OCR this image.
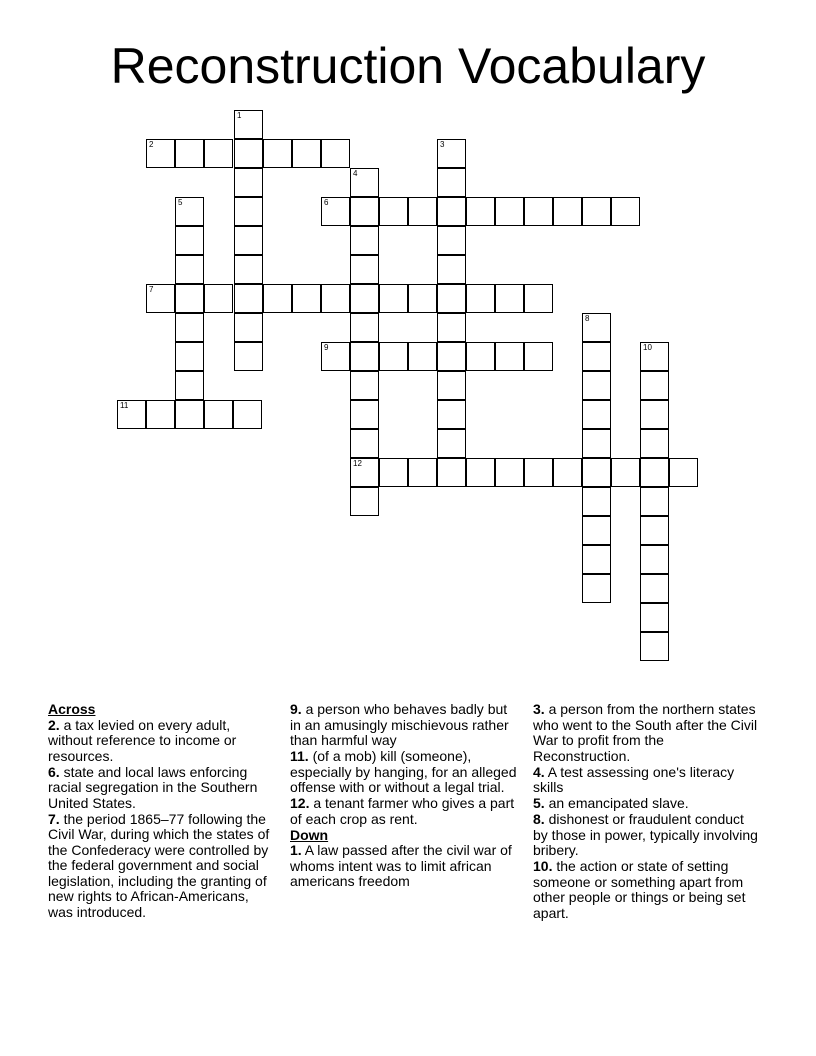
Reconstruction Vocabulary
1
2	3
4
12
5	6
7
8
9	10
11
Across
2. a tax levied on every adult, without reference to income or resources.
6. state and local laws enforcing racial segregation in the Southern United States.
7. the period 1865–77 following the Civil War, during which the states of the Confederacy were controlled by the federal government and social legislation, including the granting of new rights to African-Americans, was introduced.
9. a person who behaves badly but in an amusingly mischievous rather than harmful way
11. (of a mob) kill (someone), especially by hanging, for an alleged offense with or without a legal trial.
12. a tenant farmer who gives a part of each crop as rent.
Down
1. A law passed after the civil war of whoms intent was to limit african americans freedom
3. a person from the northern states who went to the South after the Civil War to profit from the Reconstruction.
4. A test assessing one's literacy skills
5. an emancipated slave.
8. dishonest or fraudulent conduct by those in power, typically involving bribery.
10. the action or state of setting someone or something apart from other people or things or being set apart.
